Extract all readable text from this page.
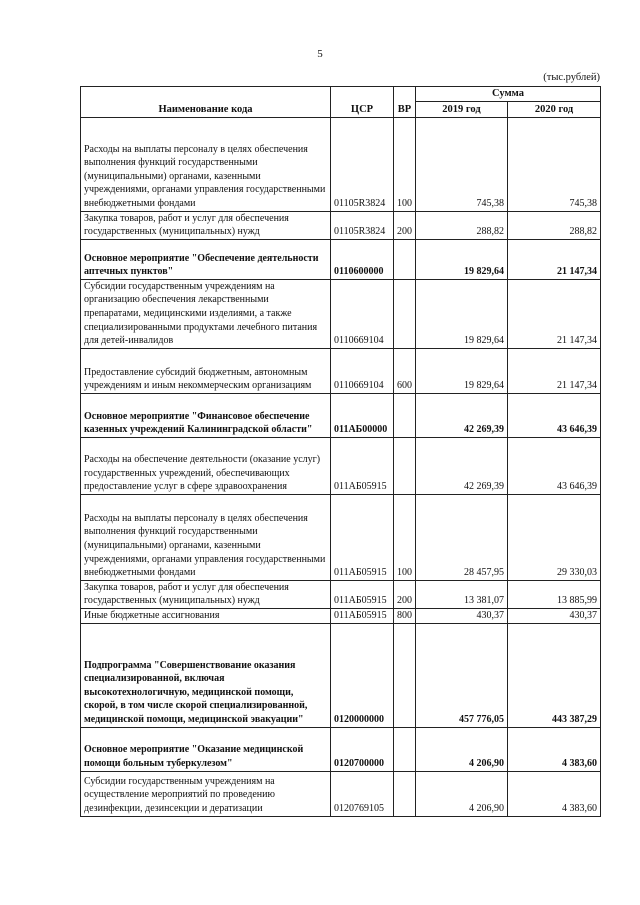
5
(тыс.рублей)
Наименование кода	ЦСР	ВР	Сумма	
			2019 год	2020 год
Расходы на выплаты персоналу в целях обеспечения выполнения функций государственными (муниципальными) органами, казенными учреждениями, органами управления государственными внебюджетными фондами	01105R3824	100	745,38	745,38
Закупка товаров, работ и услуг для обеспечения государственных (муниципальных) нужд	01105R3824	200	288,82	288,82
Основное мероприятие "Обеспечение деятельности аптечных пунктов"	0110600000		19 829,64	21 147,34
Субсидии государственным учреждениям на организацию обеспечения лекарственными препаратами, медицинскими изделиями, а также специализированными продуктами лечебного питания для детей-инвалидов	0110669104		19 829,64	21 147,34
Предоставление субсидий бюджетным, автономным учреждениям и иным некоммерческим организациям	0110669104	600	19 829,64	21 147,34
Основное мероприятие "Финансовое обеспечение казенных учреждений Калининградской области"	011АБ00000		42 269,39	43 646,39
Расходы на обеспечение деятельности (оказание услуг) государственных учреждений, обеспечивающих предоставление услуг в сфере здравоохранения	011АБ05915		42 269,39	43 646,39
Расходы на выплаты персоналу в целях обеспечения выполнения функций государственными (муниципальными) органами, казенными учреждениями, органами управления государственными внебюджетными фондами	011АБ05915	100	28 457,95	29 330,03
Закупка товаров, работ и услуг для обеспечения государственных (муниципальных) нужд	011АБ05915	200	13 381,07	13 885,99
Иные бюджетные ассигнования	011АБ05915	800	430,37	430,37
Подпрограмма "Совершенствование оказания специализированной, включая высокотехнологичную, медицинской помощи, скорой, в том числе скорой специализированной, медицинской помощи, медицинской эвакуации"	0120000000		457 776,05	443 387,29
Основное мероприятие "Оказание медицинской помощи больным туберкулезом"	0120700000		4 206,90	4 383,60
Субсидии государственным учреждениям на осуществление мероприятий по проведению дезинфекции, дезинсекции и дератизации	0120769105		4 206,90	4 383,60
